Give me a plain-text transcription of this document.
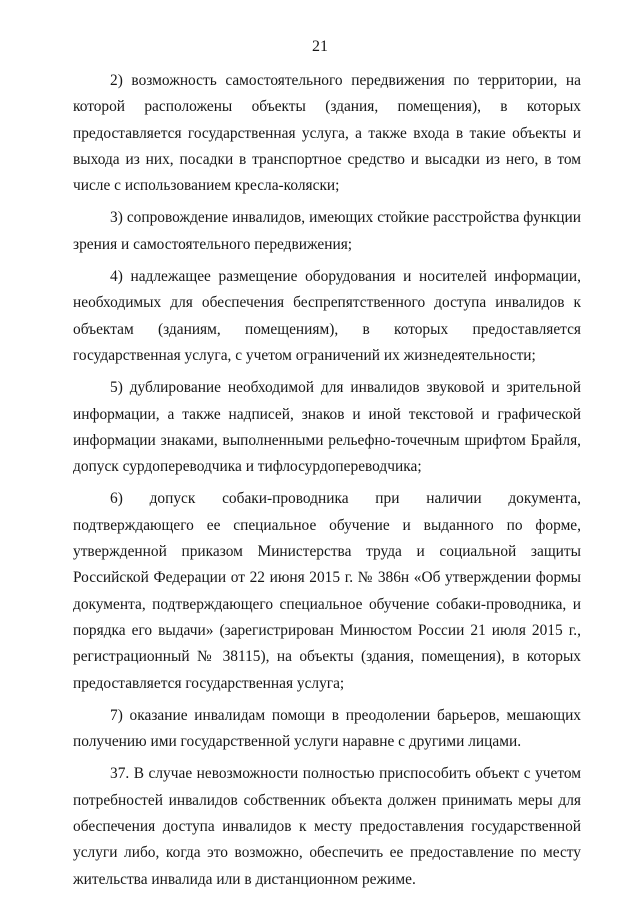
21

2) возможность самостоятельного передвижения по территории, на которой расположены объекты (здания, помещения), в которых предоставляется государственная услуга, а также входа в такие объекты и выхода из них, посадки в транспортное средство и высадки из него, в том числе с использованием кресла-коляски;

3) сопровождение инвалидов, имеющих стойкие расстройства функции зрения и самостоятельного передвижения;

4) надлежащее размещение оборудования и носителей информации, необходимых для обеспечения беспрепятственного доступа инвалидов к объектам (зданиям, помещениям), в которых предоставляется государственная услуга, с учетом ограничений их жизнедеятельности;

5) дублирование необходимой для инвалидов звуковой и зрительной информации, а также надписей, знаков и иной текстовой и графической информации знаками, выполненными рельефно-точечным шрифтом Брайля, допуск сурдопереводчика и тифлосурдопереводчика;

6) допуск собаки-проводника при наличии документа, подтверждающего ее специальное обучение и выданного по форме, утвержденной приказом Министерства труда и социальной защиты Российской Федерации от 22 июня 2015 г. № 386н «Об утверждении формы документа, подтверждающего специальное обучение собаки-проводника, и порядка его выдачи» (зарегистрирован Минюстом России 21 июля 2015 г., регистрационный № 38115), на объекты (здания, помещения), в которых предоставляется государственная услуга;

7) оказание инвалидам помощи в преодолении барьеров, мешающих получению ими государственной услуги наравне с другими лицами.

37. В случае невозможности полностью приспособить объект с учетом потребностей инвалидов собственник объекта должен принимать меры для обеспечения доступа инвалидов к месту предоставления государственной услуги либо, когда это возможно, обеспечить ее предоставление по месту жительства инвалида или в дистанционном режиме.
